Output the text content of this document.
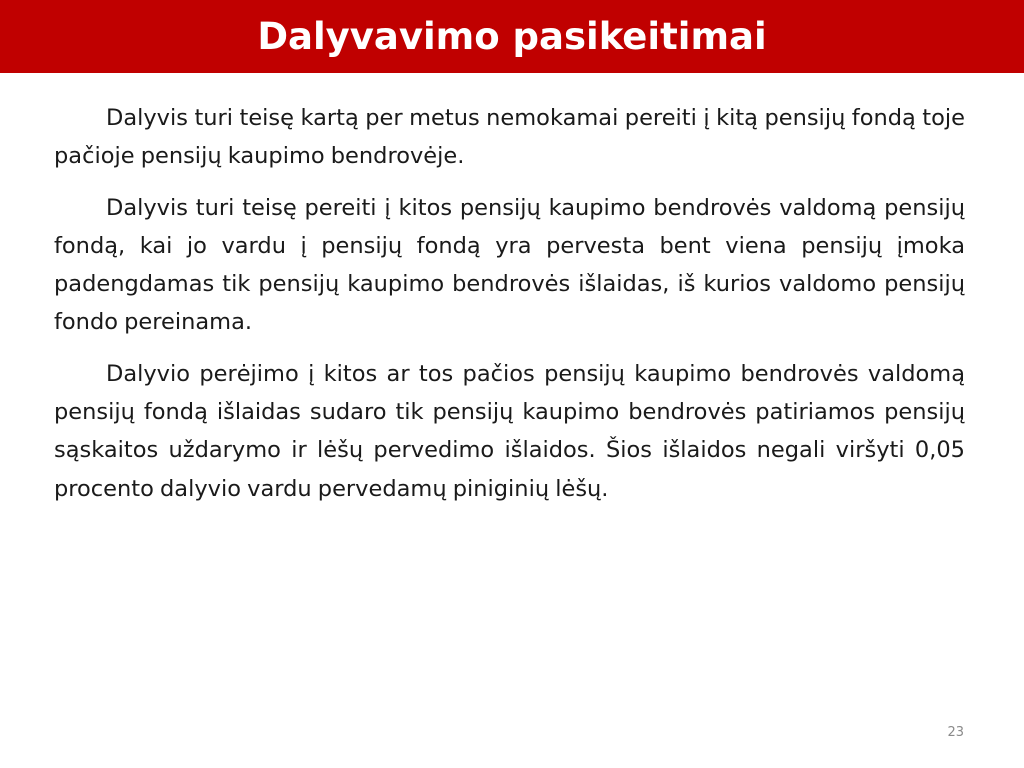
Dalyvavimo pasikeitimai

Dalyvis turi teisę kartą per metus nemokamai pereiti į kitą pensijų fondą toje pačioje pensijų kaupimo bendrovėje.

Dalyvis turi teisę pereiti į kitos pensijų kaupimo bendrovės valdomą pensijų fondą, kai jo vardu į pensijų fondą yra pervesta bent viena pensijų įmoka   padengdamas tik pensijų kaupimo bendrovės išlaidas, iš kurios valdomo pensijų fondo pereinama.

Dalyvio perėjimo į kitos ar tos pačios pensijų kaupimo bendrovės valdomą pensijų fondą išlaidas sudaro tik pensijų kaupimo bendrovės patiriamos pensijų sąskaitos uždarymo ir lėšų pervedimo išlaidos. Šios išlaidos negali viršyti 0,05 procento dalyvio vardu pervedamų piniginių lėšų.

23
